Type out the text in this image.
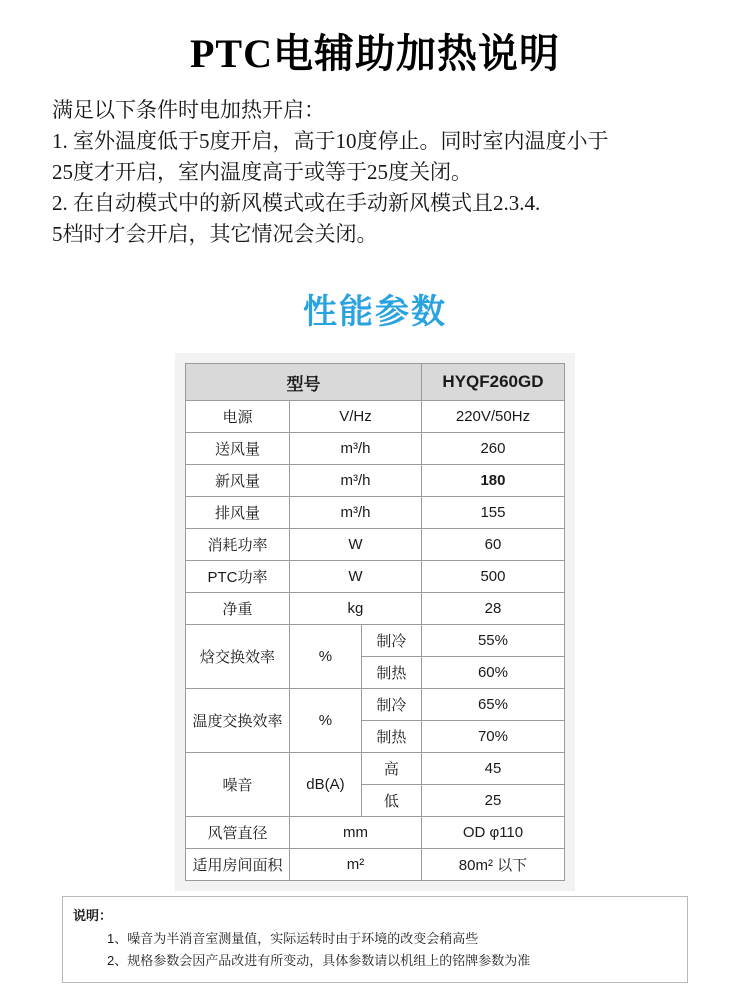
PTC电辅助加热说明

满足以下条件时电加热开启：

1. 室外温度低于5度开启，高于10度停止。同时室内温度小于

25度才开启，室内温度高于或等于25度关闭。

2. 在自动模式中的新风模式或在手动新风模式且2.3.4.

5档时才会开启，其它情况会关闭。

性能参数
型号			HYQF260GD
电源	V/Hz		220V/50Hz
送风量	m³/h		260
新风量	m³/h		180
排风量	m³/h		155
消耗功率	W		60
PTC功率	W		500
净重	kg		28
焓交换效率	%	制冷	55%
		制热	60%
温度交换效率	%	制冷	65%
		制热	70%
噪音	dB(A)	高	45
		低	25
风管直径	mm		OD φ110
适用房间面积	m²		80m² 以下
说明：
1、噪音为半消音室测量值，实际运转时由于环境的改变会稍高些
2、规格参数会因产品改进有所变动，具体参数请以机组上的铭牌参数为准
